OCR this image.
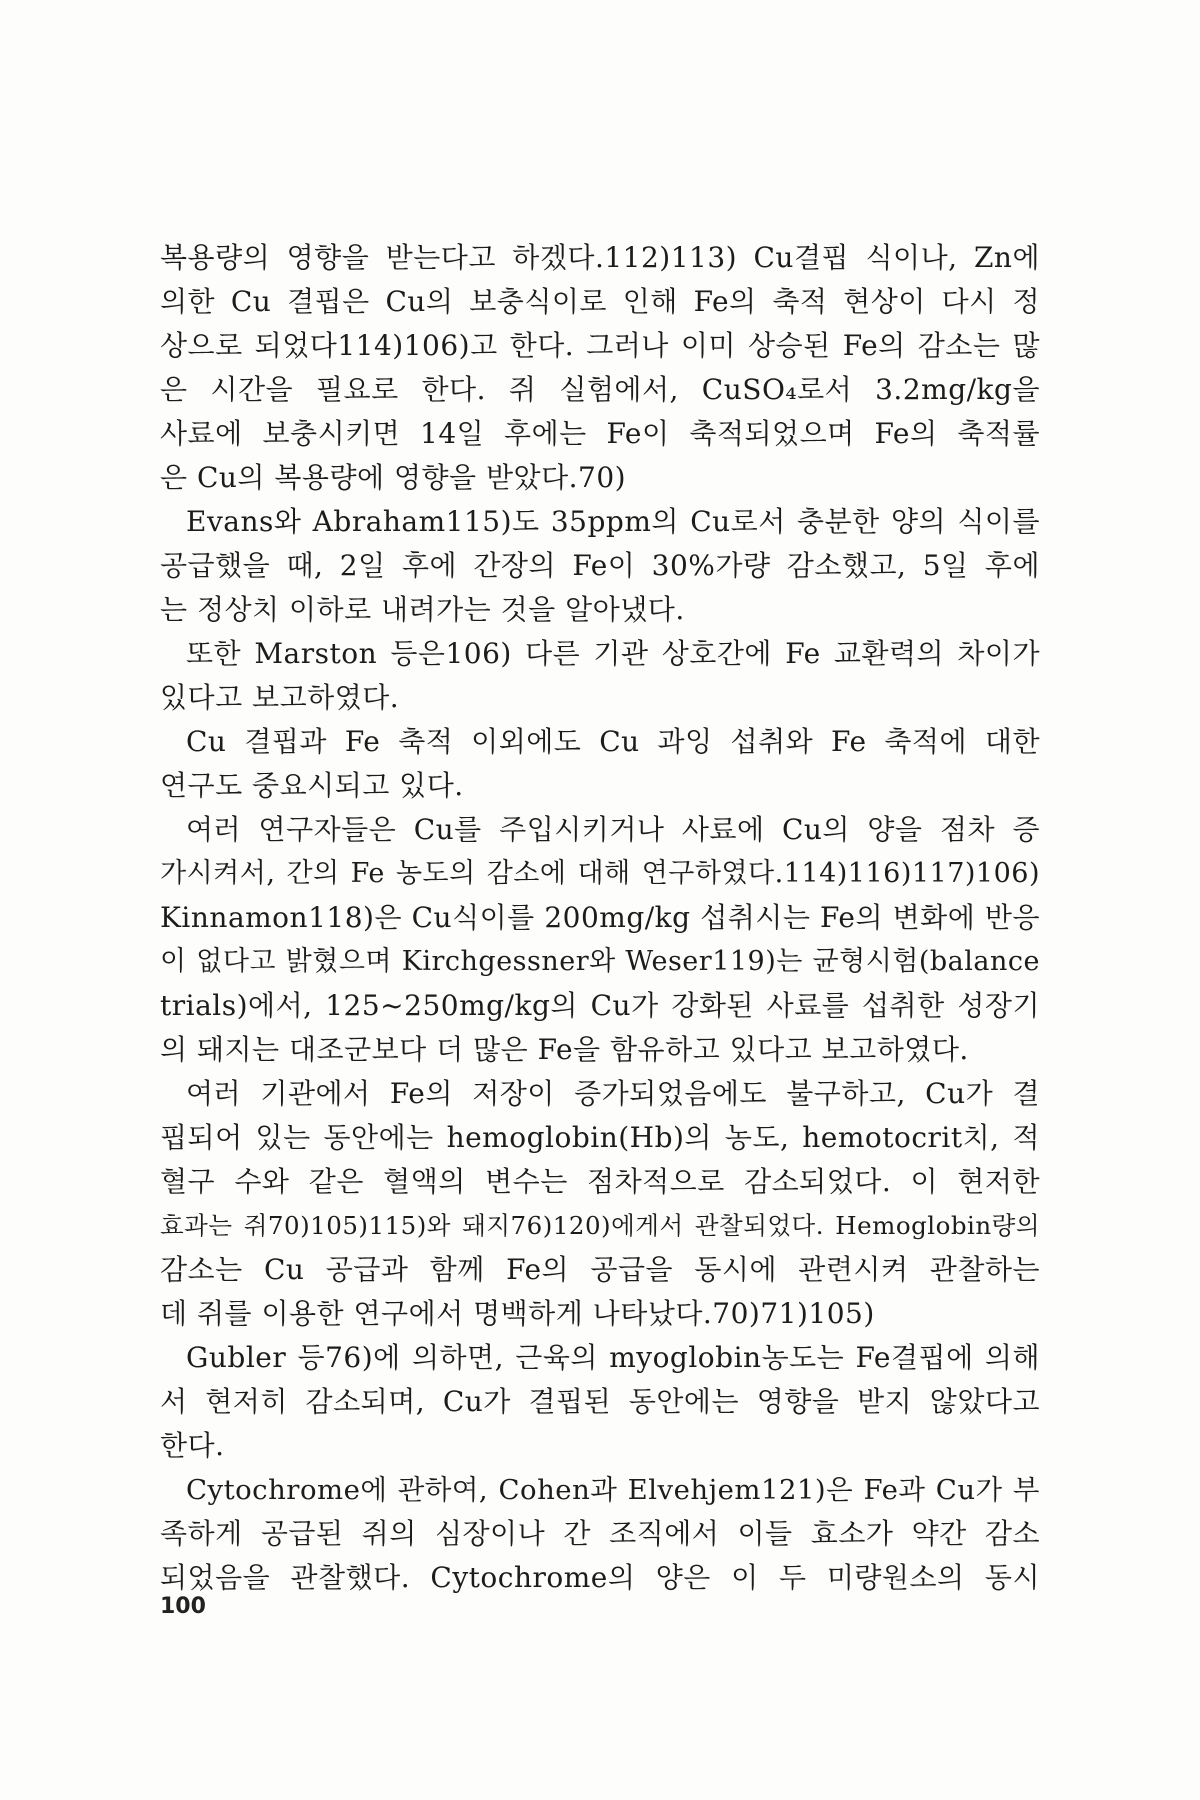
복용량의 영향을 받는다고 하겠다.112)113) Cu결핍 식이나, Zn에
의한 Cu 결핍은 Cu의 보충식이로 인해 Fe의 축적 현상이 다시 정
상으로 되었다114)106)고 한다. 그러나 이미 상승된 Fe의 감소는 많
은 시간을 필요로 한다. 쥐 실험에서, CuSO₄로서 3.2mg/kg을
사료에 보충시키면 14일 후에는 Fe이 축적되었으며 Fe의 축적률
은 Cu의 복용량에 영향을 받았다.70)
Evans와 Abraham115)도 35ppm의 Cu로서 충분한 양의 식이를
공급했을 때, 2일 후에 간장의 Fe이 30%가량 감소했고, 5일 후에
는 정상치 이하로 내려가는 것을 알아냈다.
또한 Marston 등은106) 다른 기관 상호간에 Fe 교환력의 차이가
있다고 보고하였다.
Cu 결핍과 Fe 축적 이외에도 Cu 과잉 섭취와 Fe 축적에 대한
연구도 중요시되고 있다.
여러 연구자들은 Cu를 주입시키거나 사료에 Cu의 양을 점차 증
가시켜서, 간의 Fe 농도의 감소에 대해 연구하였다.114)116)117)106)
Kinnamon118)은 Cu식이를 200mg/kg 섭취시는 Fe의 변화에 반응
이 없다고 밝혔으며 Kirchgessner와 Weser119)는 균형시험(balance
trials)에서, 125~250mg/kg의 Cu가 강화된 사료를 섭취한 성장기
의 돼지는 대조군보다 더 많은 Fe을 함유하고 있다고 보고하였다.
여러 기관에서 Fe의 저장이 증가되었음에도 불구하고, Cu가 결
핍되어 있는 동안에는 hemoglobin(Hb)의 농도, hemotocrit치, 적
혈구 수와 같은 혈액의 변수는 점차적으로 감소되었다. 이 현저한
효과는 쥐70)105)115)와 돼지76)120)에게서 관찰되었다. Hemoglobin량의
감소는 Cu 공급과 함께 Fe의 공급을 동시에 관련시켜 관찰하는
데 쥐를 이용한 연구에서 명백하게 나타났다.70)71)105)
Gubler 등76)에 의하면, 근육의 myoglobin농도는 Fe결핍에 의해
서 현저히 감소되며, Cu가 결핍된 동안에는 영향을 받지 않았다고
한다.
Cytochrome에 관하여, Cohen과 Elvehjem121)은 Fe과 Cu가 부
족하게 공급된 쥐의 심장이나 간 조직에서 이들 효소가 약간 감소
되었음을 관찰했다. Cytochrome의 양은 이 두 미량원소의 동시
100
